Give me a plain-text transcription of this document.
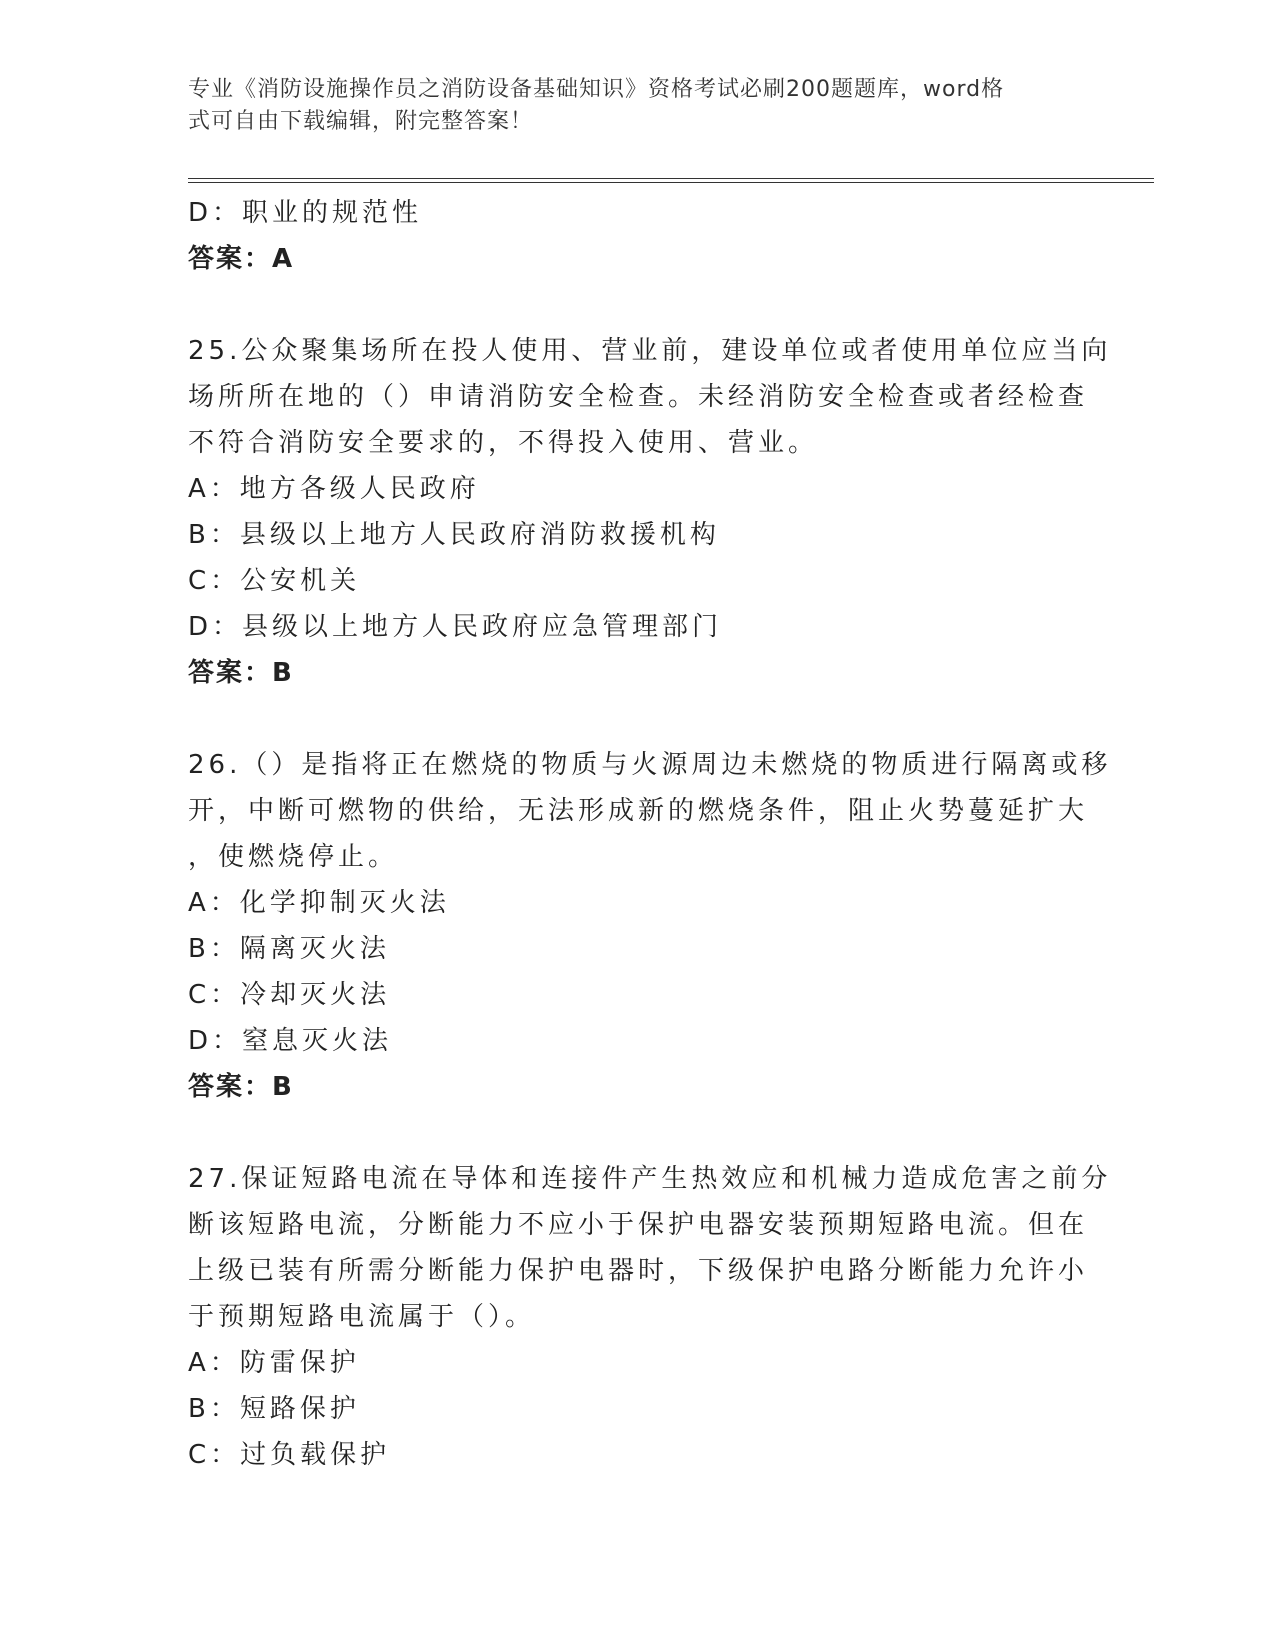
专业《消防设施操作员之消防设备基础知识》资格考试必刷200题题库，word格
式可自由下载编辑，附完整答案！
D：职业的规范性
答案：A
25.公众聚集场所在投人使用、营业前，建设单位或者使用单位应当向
场所所在地的（）申请消防安全检查。未经消防安全检查或者经检查
不符合消防安全要求的，不得投入使用、营业。
A：地方各级人民政府
B：县级以上地方人民政府消防救援机构
C：公安机关
D：县级以上地方人民政府应急管理部门
答案：B
26.（）是指将正在燃烧的物质与火源周边未燃烧的物质进行隔离或移
开，中断可燃物的供给，无法形成新的燃烧条件，阻止火势蔓延扩大
，使燃烧停止。
A：化学抑制灭火法
B：隔离灭火法
C：冷却灭火法
D：窒息灭火法
答案：B
27.保证短路电流在导体和连接件产生热效应和机械力造成危害之前分
断该短路电流，分断能力不应小于保护电器安装预期短路电流。但在
上级已装有所需分断能力保护电器时，下级保护电路分断能力允许小
于预期短路电流属于（）。
A：防雷保护
B：短路保护
C：过负载保护
